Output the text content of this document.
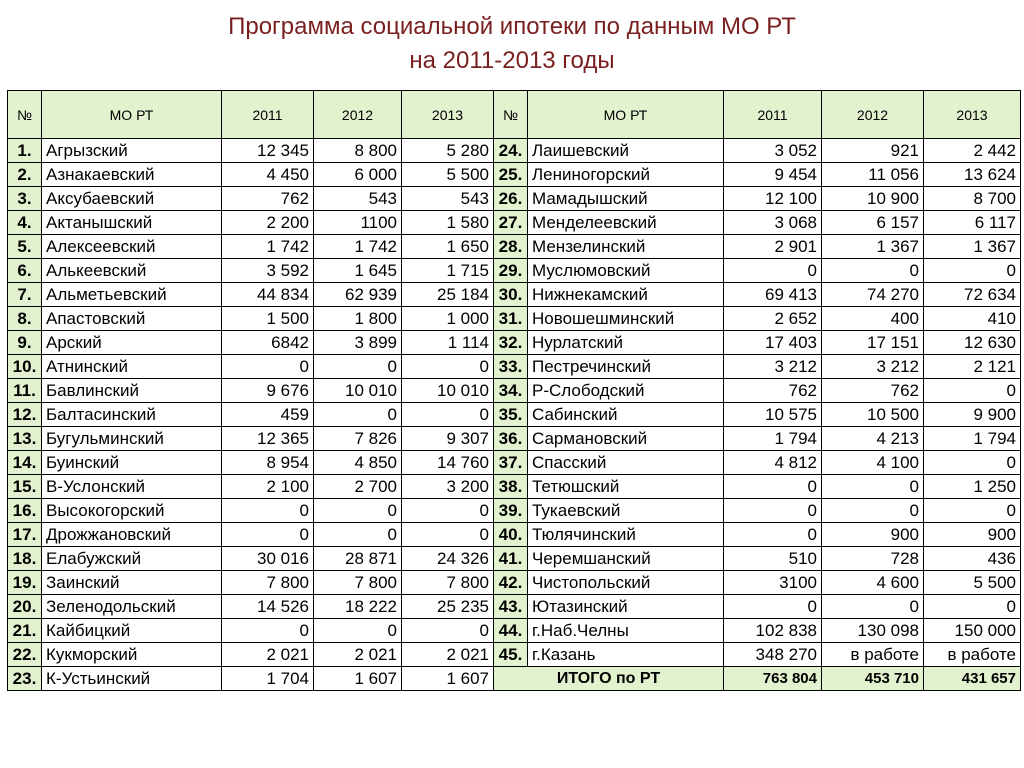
Программа социальной ипотеки по данным МО РТ
на 2011-2013 годы
№	МО РТ	2011	2012	2013	№	МО РТ	2011	2012	2013
1.	Агрызский	12 345	8 800	5 280	24.	Лаишевский	3 052	921	2 442
2.	Азнакаевский	4 450	6 000	5 500	25.	Лениногорский	9 454	11 056	13 624
3.	Аксубаевский	762	543	543	26.	Мамадышский	12 100	10 900	8 700
4.	Актанышский	2 200	1100	1 580	27.	Менделеевский	3 068	6 157	6 117
5.	Алексеевский	1 742	1 742	1 650	28.	Мензелинский	2 901	1 367	1 367
6.	Алькеевский	3 592	1 645	1 715	29.	Муслюмовский	0	0	0
7.	Альметьевский	44 834	62 939	25 184	30.	Нижнекамский	69 413	74 270	72 634
8.	Апастовский	1 500	1 800	1 000	31.	Новошешминский	2 652	400	410
9.	Арский	6842	3 899	1 114	32.	Нурлатский	17 403	17 151	12 630
10.	Атнинский	0	0	0	33.	Пестречинский	3 212	3 212	2 121
11.	Бавлинский	9 676	10 010	10 010	34.	Р-Слободский	762	762	0
12.	Балтасинский	459	0	0	35.	Сабинский	10 575	10 500	9 900
13.	Бугульминский	12 365	7 826	9 307	36.	Сармановский	1 794	4 213	1 794
14.	Буинский	8 954	4 850	14 760	37.	Спасский	4 812	4 100	0
15.	В-Услонский	2 100	2 700	3 200	38.	Тетюшский	0	0	1 250
16.	Высокогорский	0	0	0	39.	Тукаевский	0	0	0
17.	Дрожжановский	0	0	0	40.	Тюлячинский	0	900	900
18.	Елабужский	30 016	28 871	24 326	41.	Черемшанский	510	728	436
19.	Заинский	7 800	7 800	7 800	42.	Чистопольский	3100	4 600	5 500
20.	Зеленодольский	14 526	18 222	25 235	43.	Ютазинский	0	0	0
21.	Кайбицкий	0	0	0	44.	г.Наб.Челны	102 838	130 098	150 000
22.	Кукморский	2 021	2 021	2 021	45.	г.Казань	348 270	в работе	в работе
23.	К-Устьинский	1 704	1 607	1 607	ИТОГО по РТ		763 804	453 710	431 657
